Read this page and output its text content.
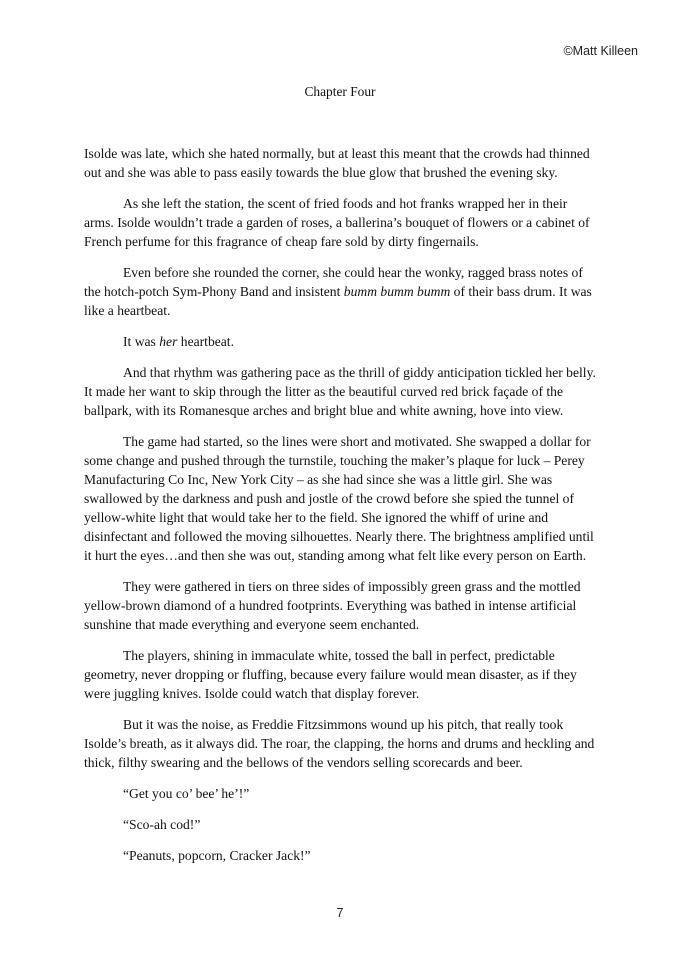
©Matt Killeen
Chapter Four

Isolde was late, which she hated normally, but at least this meant that the crowds had thinned out and she was able to pass easily towards the blue glow that brushed the evening sky.

As she left the station, the scent of fried foods and hot franks wrapped her in their arms. Isolde wouldn’t trade a garden of roses, a ballerina’s bouquet of flowers or a cabinet of French perfume for this fragrance of cheap fare sold by dirty fingernails.

Even before she rounded the corner, she could hear the wonky, ragged brass notes of the hotch-potch Sym-Phony Band and insistent bumm bumm bumm of their bass drum. It was like a heartbeat.

It was her heartbeat.

And that rhythm was gathering pace as the thrill of giddy anticipation tickled her belly. It made her want to skip through the litter as the beautiful curved red brick façade of the ballpark, with its Romanesque arches and bright blue and white awning, hove into view.

The game had started, so the lines were short and motivated. She swapped a dollar for some change and pushed through the turnstile, touching the maker’s plaque for luck – Perey Manufacturing Co Inc, New York City – as she had since she was a little girl. She was swallowed by the darkness and push and jostle of the crowd before she spied the tunnel of yellow-white light that would take her to the field. She ignored the whiff of urine and disinfectant and followed the moving silhouettes. Nearly there. The brightness amplified until it hurt the eyes…and then she was out, standing among what felt like every person on Earth.

They were gathered in tiers on three sides of impossibly green grass and the mottled yellow-brown diamond of a hundred footprints. Everything was bathed in intense artificial sunshine that made everything and everyone seem enchanted.

The players, shining in immaculate white, tossed the ball in perfect, predictable geometry, never dropping or fluffing, because every failure would mean disaster, as if they were juggling knives. Isolde could watch that display forever.

But it was the noise, as Freddie Fitzsimmons wound up his pitch, that really took Isolde’s breath, as it always did. The roar, the clapping, the horns and drums and heckling and thick, filthy swearing and the bellows of the vendors selling scorecards and beer.

“Get you co’ bee’ he’!”

“Sco-ah cod!”

“Peanuts, popcorn, Cracker Jack!”

7
